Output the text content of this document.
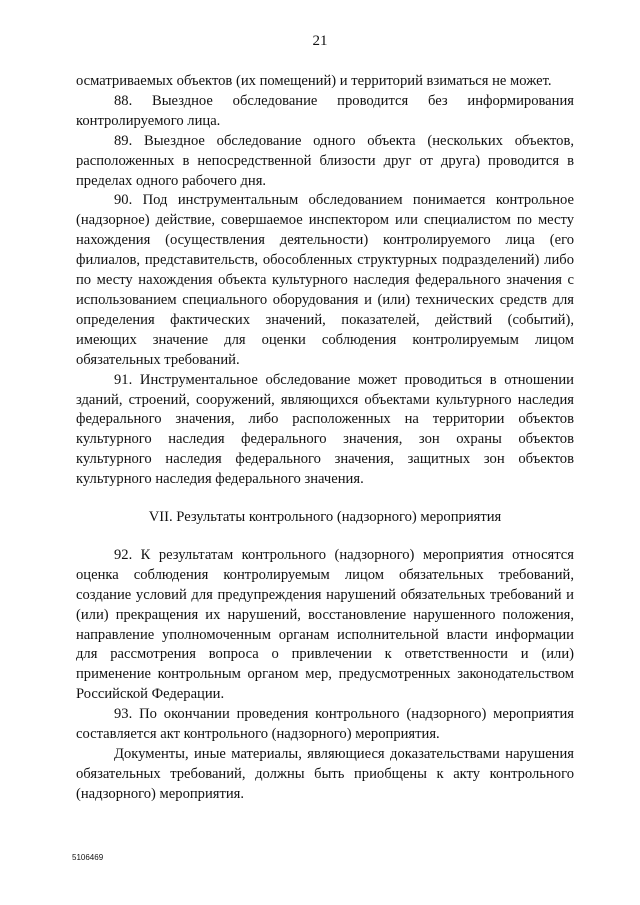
21

осматриваемых объектов (их помещений) и территорий взиматься не может.

88. Выездное обследование проводится без информирования контролируемого лица.

89. Выездное обследование одного объекта (нескольких объектов, расположенных в непосредственной близости друг от друга) проводится в пределах одного рабочего дня.

90. Под инструментальным обследованием понимается контрольное (надзорное) действие, совершаемое инспектором или специалистом по месту нахождения (осуществления деятельности) контролируемого лица (его филиалов, представительств, обособленных структурных подразделений) либо по месту нахождения объекта культурного наследия федерального значения с использованием специального оборудования и (или) технических средств для определения фактических значений, показателей, действий (событий), имеющих значение для оценки соблюдения контролируемым лицом обязательных требований.

91. Инструментальное обследование может проводиться в отношении зданий, строений, сооружений, являющихся объектами культурного наследия федерального значения, либо расположенных на территории объектов культурного наследия федерального значения, зон охраны объектов культурного наследия федерального значения, защитных зон объектов культурного наследия федерального значения.

VII. Результаты контрольного (надзорного) мероприятия

92. К результатам контрольного (надзорного) мероприятия относятся оценка соблюдения контролируемым лицом обязательных требований, создание условий для предупреждения нарушений обязательных требований и (или) прекращения их нарушений, восстановление нарушенного положения, направление уполномоченным органам исполнительной власти информации для рассмотрения вопроса о привлечении к ответственности и (или) применение контрольным органом мер, предусмотренных законодательством Российской Федерации.

93. По окончании проведения контрольного (надзорного) мероприятия составляется акт контрольного (надзорного) мероприятия.

Документы, иные материалы, являющиеся доказательствами нарушения обязательных требований, должны быть приобщены к акту контрольного (надзорного) мероприятия.

5106469
